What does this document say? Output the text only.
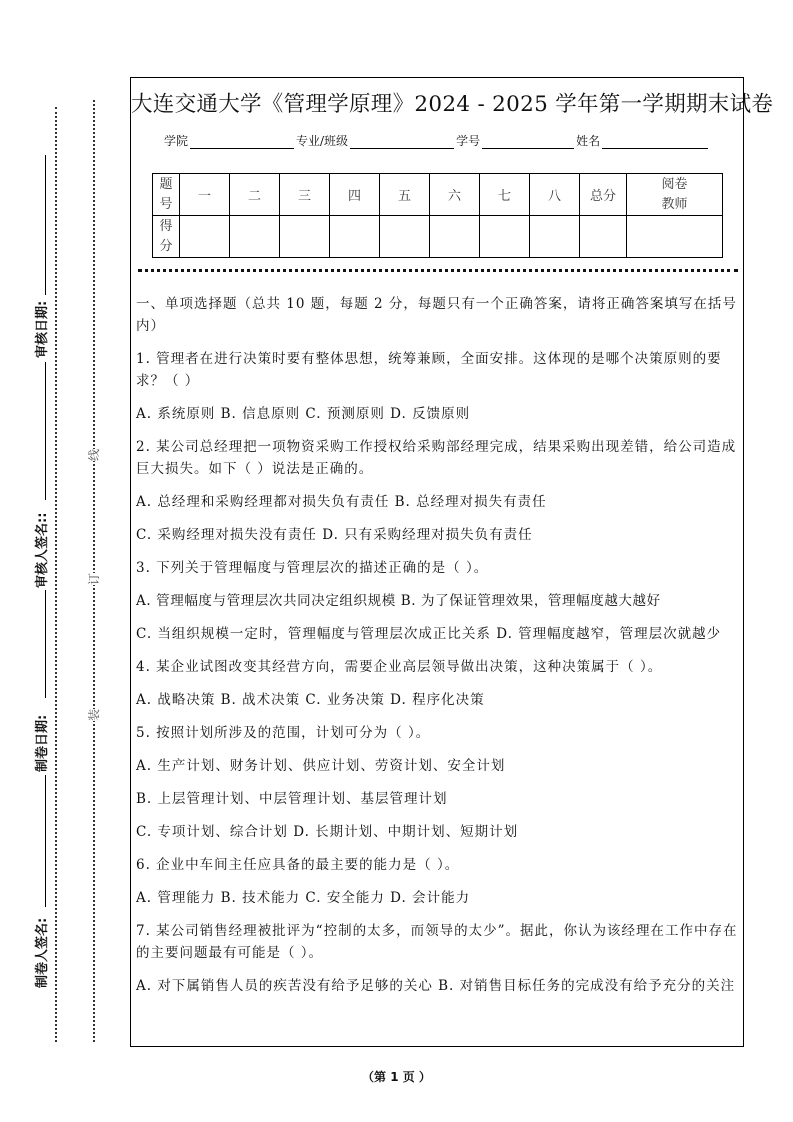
审核日期:
审核人签名::
制卷日期:
制卷人签名:
线
订
装
大连交通大学《管理学原理》2024 - 2025 学年第一学期期末试卷
学院	专业/班级	学号	姓名
题
号	一	二	三	四	五	六	七	八	总分	阅卷
教师
得
分										

一、单项选择题（总共 10 题，每题 2 分，每题只有一个正确答案，请将正确答案填写在括号内）

1. 管理者在进行决策时要有整体思想，统筹兼顾，全面安排。这体现的是哪个决策原则的要求？（ ）

A. 系统原则 B. 信息原则 C. 预测原则 D. 反馈原则

2. 某公司总经理把一项物资采购工作授权给采购部经理完成，结果采购出现差错，给公司造成巨大损失。如下（ ）说法是正确的。

A. 总经理和采购经理都对损失负有责任 B. 总经理对损失有责任

C. 采购经理对损失没有责任 D. 只有采购经理对损失负有责任

3. 下列关于管理幅度与管理层次的描述正确的是（ ）。

A. 管理幅度与管理层次共同决定组织规模 B. 为了保证管理效果，管理幅度越大越好

C. 当组织规模一定时，管理幅度与管理层次成正比关系 D. 管理幅度越窄，管理层次就越少

4. 某企业试图改变其经营方向，需要企业高层领导做出决策，这种决策属于（ ）。

A. 战略决策 B. 战术决策 C. 业务决策 D. 程序化决策

5. 按照计划所涉及的范围，计划可分为（ ）。

A. 生产计划、财务计划、供应计划、劳资计划、安全计划

B. 上层管理计划、中层管理计划、基层管理计划

C. 专项计划、综合计划 D. 长期计划、中期计划、短期计划

6. 企业中车间主任应具备的最主要的能力是（ ）。

A. 管理能力 B. 技术能力 C. 安全能力 D. 会计能力

7. 某公司销售经理被批评为“控制的太多，而领导的太少”。据此，你认为该经理在工作中存在的主要问题最有可能是（ ）。

A. 对下属销售人员的疾苦没有给予足够的关心 B. 对销售目标任务的完成没有给予充分的关注

（第 1 页 ）
